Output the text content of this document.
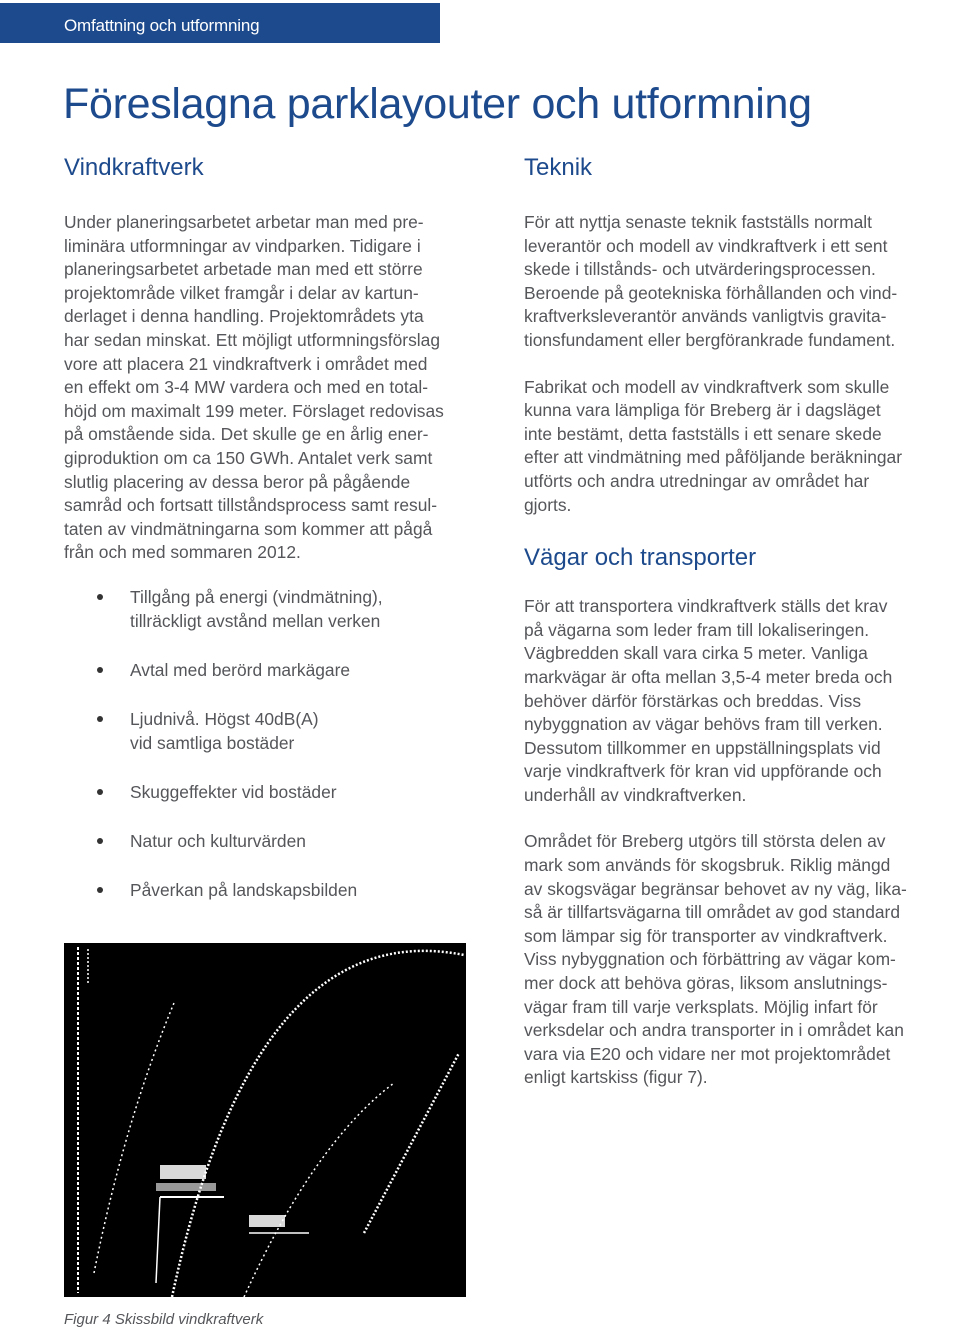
Omfattning och utformning
Föreslagna parklayouter och utformning
Vindkraftverk

Under planeringsarbetet arbetar man med pre-
liminära utformningar av vindparken. Tidigare i
planeringsarbetet arbetade man med ett större
projektområde vilket framgår i delar av kartun-
derlaget i denna handling. Projektområdets yta
har sedan minskat. Ett möjligt utformningsförslag
vore att placera 21 vindkraftverk i området med
en effekt om 3-4 MW vardera och med en total-
höjd om maximalt 199 meter. Förslaget redovisas
på omstående sida. Det skulle ge en årlig ener-
giproduktion om ca 150 GWh. Antalet verk samt
slutlig placering av dessa beror på pågående
samråd och fortsatt tillståndsprocess samt resul-
taten av vindmätningarna som kommer att pågå
från och med sommaren 2012.

Tillgång på energi (vindmätning),
tillräckligt avstånd mellan verken
Avtal med berörd markägare
Ljudnivå. Högst 40dB(A)
vid samtliga bostäder
Skuggeffekter vid bostäder
Natur och kulturvärden
Påverkan på landskapsbilden
Teknik

För att nyttja senaste teknik fastställs normalt
leverantör och modell av vindkraftverk i ett sent
skede i tillstånds- och utvärderingsprocessen.
Beroende på geotekniska förhållanden och vind-
kraftverksleverantör används vanligtvis gravita-
tionsfundament eller bergförankrade fundament.

Fabrikat och modell av vindkraftverk som skulle
kunna vara lämpliga för Breberg är i dagsläget
inte bestämt, detta fastställs i ett senare skede
efter att vindmätning med påföljande beräkningar
utförts och andra utredningar av området har
gjorts.

Vägar och transporter

För att transportera vindkraftverk ställs det krav
på vägarna som leder fram till lokaliseringen.
Vägbredden skall vara cirka 5 meter. Vanliga
markvägar är ofta mellan 3,5-4 meter breda och
behöver därför förstärkas och breddas. Viss
nybyggnation av vägar behövs fram till verken.
Dessutom tillkommer en uppställningsplats vid
varje vindkraftverk för kran vid uppförande och
underhåll av vindkraftverken.

Området för Breberg utgörs till största delen av
mark som används för skogsbruk. Riklig mängd
av skogsvägar begränsar behovet av ny väg, lika-
så är tillfartsvägarna till området av god standard
som lämpar sig för transporter av vindkraftverk.
Viss nybyggnation och förbättring av vägar kom-
mer dock att behöva göras, liksom anslutnings-
vägar fram till varje verksplats. Möjlig infart för
verksdelar och andra transporter in i området kan
vara via E20 och vidare ner mot projektområdet
enligt kartskiss (figur 7).

Figur 4 Skissbild vindkraftverk
